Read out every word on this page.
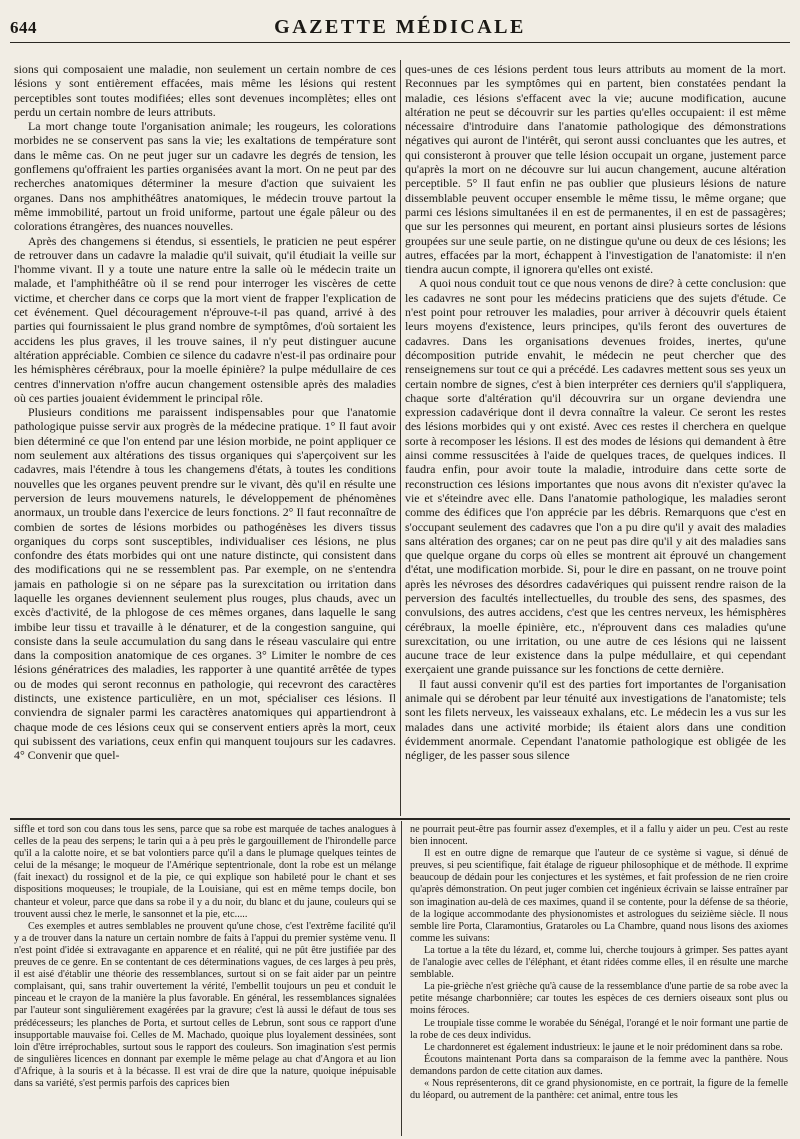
644	GAZETTE MÉDICALE

sions qui composaient une maladie, non seulement un certain nombre de ces lésions y sont entièrement effacées, mais même les lésions qui restent perceptibles sont toutes modifiées; elles sont devenues incomplètes; elles ont perdu un certain nombre de leurs attributs.

La mort change toute l'organisation animale; les rougeurs, les colorations morbides ne se conservent pas sans la vie; les exaltations de température sont dans le même cas. On ne peut juger sur un cadavre les degrés de tension, les gonflemens qu'offraient les parties organisées avant la mort. On ne peut par des recherches anatomiques déterminer la mesure d'action que suivaient les organes. Dans nos amphithéâtres anatomiques, le médecin trouve partout la même immobilité, partout un froid uniforme, partout une égale pâleur ou des colorations étrangères, des nuances nouvelles.

Après des changemens si étendus, si essentiels, le praticien ne peut espérer de retrouver dans un cadavre la maladie qu'il suivait, qu'il étudiait la veille sur l'homme vivant. Il y a toute une nature entre la salle où le médecin traite un malade, et l'amphithéâtre où il se rend pour interroger les viscères de cette victime, et chercher dans ce corps que la mort vient de frapper l'explication de cet événement. Quel découragement n'éprouve-t-il pas quand, arrivé à des parties qui fournissaient le plus grand nombre de symptômes, d'où sortaient les accidens les plus graves, il les trouve saines, il n'y peut distinguer aucune altération appréciable. Combien ce silence du cadavre n'est-il pas ordinaire pour les hémisphères cérébraux, pour la moelle épinière? la pulpe médullaire de ces centres d'innervation n'offre aucun changement ostensible après des maladies où ces parties jouaient évidemment le principal rôle.

Plusieurs conditions me paraissent indispensables pour que l'anatomie pathologique puisse servir aux progrès de la médecine pratique. 1° Il faut avoir bien déterminé ce que l'on entend par une lésion morbide, ne point appliquer ce nom seulement aux altérations des tissus organiques qui s'aperçoivent sur les cadavres, mais l'étendre à tous les changemens d'états, à toutes les conditions nouvelles que les organes peuvent prendre sur le vivant, dès qu'il en résulte une perversion de leurs mouvemens naturels, le développement de phénomènes anormaux, un trouble dans l'exercice de leurs fonctions. 2° Il faut reconnaître de combien de sortes de lésions morbides ou pathogénèses les divers tissus organiques du corps sont susceptibles, individualiser ces lésions, ne plus confondre des états morbides qui ont une nature distincte, qui consistent dans des modifications qui ne se ressemblent pas. Par exemple, on ne s'entendra jamais en pathologie si on ne sépare pas la surexcitation ou irritation dans laquelle les organes deviennent seulement plus rouges, plus chauds, avec un excès d'activité, de la phlogose de ces mêmes organes, dans laquelle le sang imbibe leur tissu et travaille à le dénaturer, et de la congestion sanguine, qui consiste dans la seule accumulation du sang dans le réseau vasculaire qui entre dans la composition anatomique de ces organes. 3° Limiter le nombre de ces lésions génératrices des maladies, les rapporter à une quantité arrêtée de types ou de modes qui seront reconnus en pathologie, qui recevront des caractères distincts, une existence particulière, en un mot, spécialiser ces lésions. Il conviendra de signaler parmi les caractères anatomiques qui appartiendront à chaque mode de ces lésions ceux qui se conservent entiers après la mort, ceux qui subissent des variations, ceux enfin qui manquent toujours sur les cadavres. 4° Convenir que quel-

ques-unes de ces lésions perdent tous leurs attributs au moment de la mort. Reconnues par les symptômes qui en partent, bien constatées pendant la maladie, ces lésions s'effacent avec la vie; aucune modification, aucune altération ne peut se découvrir sur les parties qu'elles occupaient: il est même nécessaire d'introduire dans l'anatomie pathologique des démonstrations négatives qui auront de l'intérêt, qui seront aussi concluantes que les autres, et qui consisteront à prouver que telle lésion occupait un organe, justement parce qu'après la mort on ne découvre sur lui aucun changement, aucune altération perceptible. 5° Il faut enfin ne pas oublier que plusieurs lésions de nature dissemblable peuvent occuper ensemble le même tissu, le même organe; que parmi ces lésions simultanées il en est de permanentes, il en est de passagères; que sur les personnes qui meurent, en portant ainsi plusieurs sortes de lésions groupées sur une seule partie, on ne distingue qu'une ou deux de ces lésions; les autres, effacées par la mort, échappent à l'investigation de l'anatomiste: il n'en tiendra aucun compte, il ignorera qu'elles ont existé.

A quoi nous conduit tout ce que nous venons de dire? à cette conclusion: que les cadavres ne sont pour les médecins praticiens que des sujets d'étude. Ce n'est point pour retrouver les maladies, pour arriver à découvrir quels étaient leurs moyens d'existence, leurs principes, qu'ils feront des ouvertures de cadavres. Dans les organisations devenues froides, inertes, qu'une décomposition putride envahit, le médecin ne peut chercher que des renseignemens sur tout ce qui a précédé. Les cadavres mettent sous ses yeux un certain nombre de signes, c'est à bien interpréter ces derniers qu'il s'appliquera, chaque sorte d'altération qu'il découvrira sur un organe deviendra une expression cadavérique dont il devra connaître la valeur. Ce seront les restes des lésions morbides qui y ont existé. Avec ces restes il cherchera en quelque sorte à recomposer les lésions. Il est des modes de lésions qui demandent à être ainsi comme ressuscitées à l'aide de quelques traces, de quelques indices. Il faudra enfin, pour avoir toute la maladie, introduire dans cette sorte de reconstruction ces lésions importantes que nous avons dit n'exister qu'avec la vie et s'éteindre avec elle. Dans l'anatomie pathologique, les maladies seront comme des édifices que l'on apprécie par les débris. Remarquons que c'est en s'occupant seulement des cadavres que l'on a pu dire qu'il y avait des maladies sans altération des organes; car on ne peut pas dire qu'il y ait des maladies sans que quelque organe du corps où elles se montrent ait éprouvé un changement d'état, une modification morbide. Si, pour le dire en passant, on ne trouve point après les névroses des désordres cadavériques qui puissent rendre raison de la perversion des facultés intellectuelles, du trouble des sens, des spasmes, des convulsions, des autres accidens, c'est que les centres nerveux, les hémisphères cérébraux, la moelle épinière, etc., n'éprouvent dans ces maladies qu'une surexcitation, ou une irritation, ou une autre de ces lésions qui ne laissent aucune trace de leur existence dans la pulpe médullaire, et qui cependant exerçaient une grande puissance sur les fonctions de cette dernière.

Il faut aussi convenir qu'il est des parties fort importantes de l'organisation animale qui se dérobent par leur ténuité aux investigations de l'anatomiste; tels sont les filets nerveux, les vaisseaux exhalans, etc. Le médecin les a vus sur les malades dans une activité morbide; ils étaient alors dans une condition évidemment anormale. Cependant l'anatomie pathologique est obligée de les négliger, de les passer sous silence

siffle et tord son cou dans tous les sens, parce que sa robe est marquée de taches analogues à celles de la peau des serpens; le tarin qui a à peu près le gargouillement de l'hirondelle parce qu'il a la calotte noire, et se bat volontiers parce qu'il a dans le plumage quelques teintes de celui de la mésange; le moqueur de l'Amérique septentrionale, dont la robe est un mélange (fait inexact) du rossignol et de la pie, ce qui explique son habileté pour le chant et ses dispositions moqueuses; le troupiale, de la Louisiane, qui est en même temps docile, bon chanteur et voleur, parce que dans sa robe il y a du noir, du blanc et du jaune, couleurs qui se trouvent aussi chez le merle, le sansonnet et la pie, etc.....

Ces exemples et autres semblables ne prouvent qu'une chose, c'est l'extrême facilité qu'il y a de trouver dans la nature un certain nombre de faits à l'appui du premier système venu. Il n'est point d'idée si extravagante en apparence et en réalité, qui ne pût être justifiée par des preuves de ce genre. En se contentant de ces déterminations vagues, de ces larges à peu près, il est aisé d'établir une théorie des ressemblances, surtout si on se fait aider par un peintre complaisant, qui, sans trahir ouvertement la vérité, l'embellit toujours un peu et conduit le pinceau et le crayon de la manière la plus favorable. En général, les ressemblances signalées par l'auteur sont singulièrement exagérées par la gravure; c'est là aussi le défaut de tous ses prédécesseurs; les planches de Porta, et surtout celles de Lebrun, sont sous ce rapport d'une insupportable mauvaise foi. Celles de M. Machado, quoique plus loyalement dessinées, sont loin d'être irréprochables, surtout sous le rapport des couleurs. Son imagination s'est permis de singulières licences en donnant par exemple le même pelage au chat d'Angora et au lion d'Afrique, à la souris et à la bécasse. Il est vrai de dire que la nature, quoique inépuisable dans sa variété, s'est permis parfois des caprices bien

ne pourrait peut-être pas fournir assez d'exemples, et il a fallu y aider un peu. C'est au reste bien innocent.

Il est en outre digne de remarque que l'auteur de ce système si vague, si dénué de preuves, si peu scientifique, fait étalage de rigueur philosophique et de méthode. Il exprime beaucoup de dédain pour les conjectures et les systèmes, et fait profession de ne rien croire qu'après démonstration. On peut juger combien cet ingénieux écrivain se laisse entraîner par son imagination au-delà de ces maximes, quand il se contente, pour la défense de sa théorie, de la logique accommodante des physionomistes et astrologues du seizième siècle. Il nous semble lire Porta, Claramontius, Grataroles ou La Chambre, quand nous lisons des axiomes comme les suivans:

La tortue a la tête du lézard, et, comme lui, cherche toujours à grimper. Ses pattes ayant de l'analogie avec celles de l'éléphant, et étant ridées comme elles, il en résulte une marche semblable.

La pie-grièche n'est grièche qu'à cause de la ressemblance d'une partie de sa robe avec la petite mésange charbonnière; car toutes les espèces de ces derniers oiseaux sont plus ou moins féroces.

Le troupiale tisse comme le worabée du Sénégal, l'orangé et le noir formant une partie de la robe de ces deux individus.

Le chardonneret est également industrieux: le jaune et le noir prédominent dans sa robe.

Écoutons maintenant Porta dans sa comparaison de la femme avec la panthère. Nous demandons pardon de cette citation aux dames.

« Nous représenterons, dit ce grand physionomiste, en ce portrait, la figure de la femelle du léopard, ou autrement de la panthère: cet animal, entre tous les
